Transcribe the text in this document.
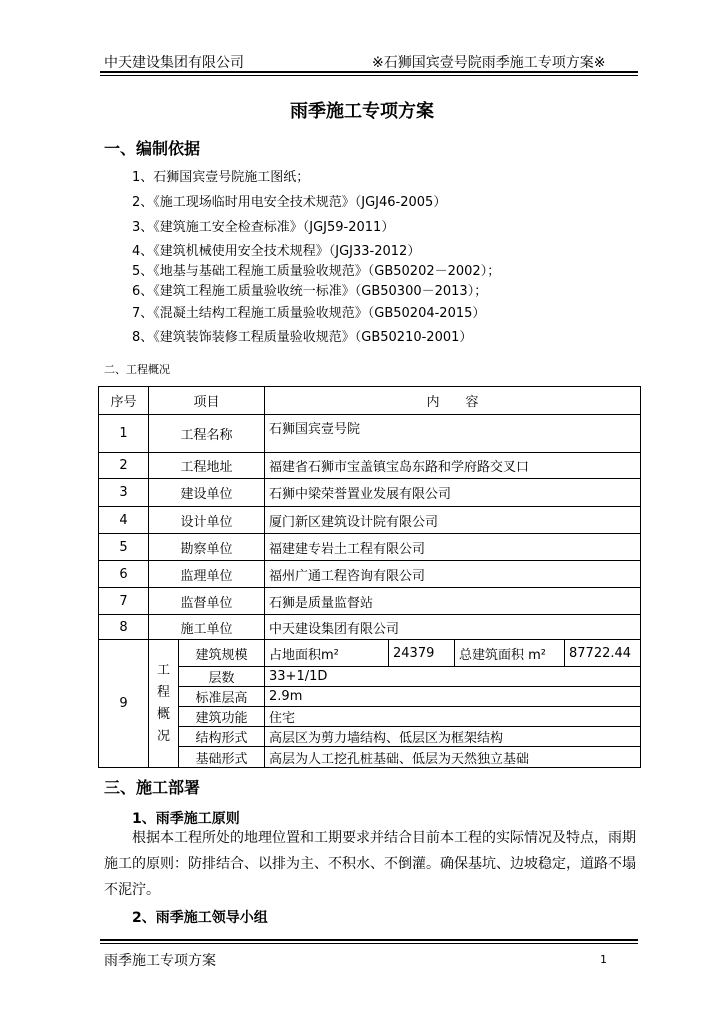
中天建设集团有限公司	※石狮国宾壹号院雨季施工专项方案※
雨季施工专项方案
一、编制依据
1、石狮国宾壹号院施工图纸；
2、《施工现场临时用电安全技术规范》（JGJ46-2005）
3、《建筑施工安全检查标准》（JGJ59-2011）
4、《建筑机械使用安全技术规程》（JGJ33-2012）
5、《地基与基础工程施工质量验收规范》（GB50202－2002）；
6、《建筑工程施工质量验收统一标准》（GB50300－2013）；
7、《混凝土结构工程施工质量验收规范》（GB50204-2015）
8、《建筑装饰装修工程质量验收规范》（GB50210-2001）
二、工程概况
序号	项目		内　　容			
1	工程名称		石狮国宾壹号院			
2	工程地址		福建省石狮市宝盖镇宝岛东路和学府路交叉口			
3	建设单位		石狮中梁荣誉置业发展有限公司			
4	设计单位		厦门新区建筑设计院有限公司			
5	勘察单位		福建建专岩土工程有限公司			
6	监理单位		福州广通工程咨询有限公司			
7	监督单位		石狮是质量监督站			
8	施工单位		中天建设集团有限公司			
9	工程概况	建筑规模	占地面积m²	24379	总建筑面积 m²	87722.44
		层数	33+1/1D			
		标准层高	2.9m			
		建筑功能	住宅			
		结构形式	高层区为剪力墙结构、低层区为框架结构			
		基础形式	高层为人工挖孔桩基础、低层为天然独立基础			
三、施工部署
1、雨季施工原则
根据本工程所处的地理位置和工期要求并结合目前本工程的实际情况及特点，雨期施工的原则：防排结合、以排为主、不积水、不倒灌。确保基坑、边坡稳定，道路不塌不泥泞。
2、雨季施工领导小组
雨季施工专项方案	1
